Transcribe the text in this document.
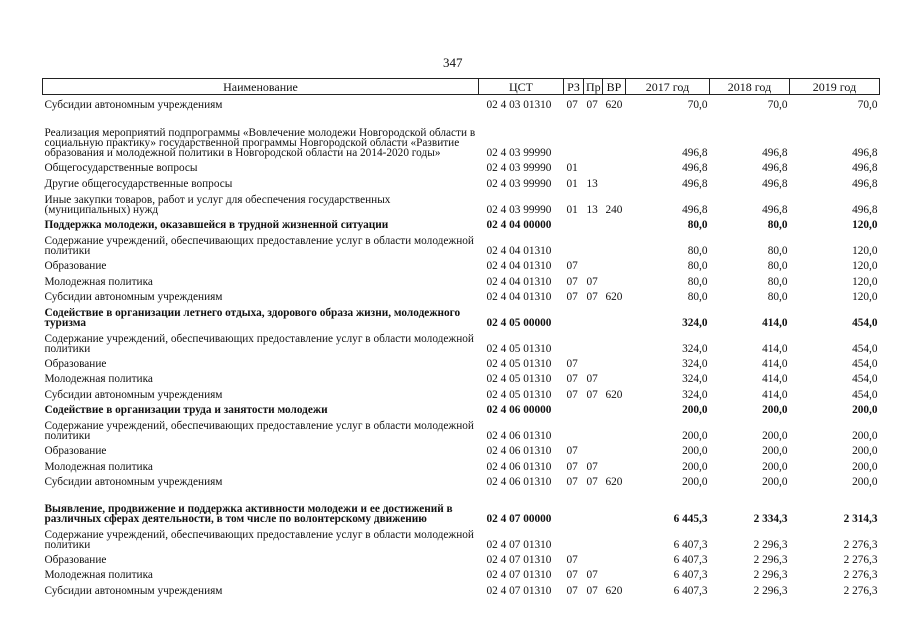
347
Наименование	ЦСТ	РЗ	Пр	ВР	2017 год	2018 год	2019 год
Субсидии автономным учреждениям	02 4 03 01310	07	07	620	70,0	70,0	70,0
Реализация мероприятий подпрограммы «Вовлечение молодежи Новгородской области в социальную практику» государственной программы Новгородской области «Развитие образования и молодежной политики в Новгородской области на 2014-2020 годы»	02 4 03 99990				496,8	496,8	496,8
Общегосударственные вопросы	02 4 03 99990	01			496,8	496,8	496,8
Другие общегосударственные вопросы	02 4 03 99990	01	13		496,8	496,8	496,8
Иные закупки товаров, работ и услуг для обеспечения государственных (муниципальных) нужд	02 4 03 99990	01	13	240	496,8	496,8	496,8
Поддержка молодежи, оказавшейся в трудной жизненной ситуации	02 4 04 00000				80,0	80,0	120,0
Содержание учреждений, обеспечивающих предоставление услуг в области молодежной политики	02 4 04 01310				80,0	80,0	120,0
Образование	02 4 04 01310	07			80,0	80,0	120,0
Молодежная политика	02 4 04 01310	07	07		80,0	80,0	120,0
Субсидии автономным учреждениям	02 4 04 01310	07	07	620	80,0	80,0	120,0
Содействие в организации летнего отдыха, здорового образа жизни, молодежного туризма	02 4 05 00000				324,0	414,0	454,0
Содержание учреждений, обеспечивающих предоставление услуг в области молодежной политики	02 4 05 01310				324,0	414,0	454,0
Образование	02 4 05 01310	07			324,0	414,0	454,0
Молодежная политика	02 4 05 01310	07	07		324,0	414,0	454,0
Субсидии автономным учреждениям	02 4 05 01310	07	07	620	324,0	414,0	454,0
Содействие в организации труда и занятости молодежи	02 4 06 00000				200,0	200,0	200,0
Содержание учреждений, обеспечивающих предоставление услуг в области молодежной политики	02 4 06 01310				200,0	200,0	200,0
Образование	02 4 06 01310	07			200,0	200,0	200,0
Молодежная политика	02 4 06 01310	07	07		200,0	200,0	200,0
Субсидии автономным учреждениям	02 4 06 01310	07	07	620	200,0	200,0	200,0
Выявление, продвижение и поддержка активности молодежи и ее достижений в различных сферах деятельности, в том числе по волонтерскому движению	02 4 07 00000				6 445,3	2 334,3	2 314,3
Содержание учреждений, обеспечивающих предоставление услуг в области молодежной политики	02 4 07 01310				6 407,3	2 296,3	2 276,3
Образование	02 4 07 01310	07			6 407,3	2 296,3	2 276,3
Молодежная политика	02 4 07 01310	07	07		6 407,3	2 296,3	2 276,3
Субсидии автономным учреждениям	02 4 07 01310	07	07	620	6 407,3	2 296,3	2 276,3
